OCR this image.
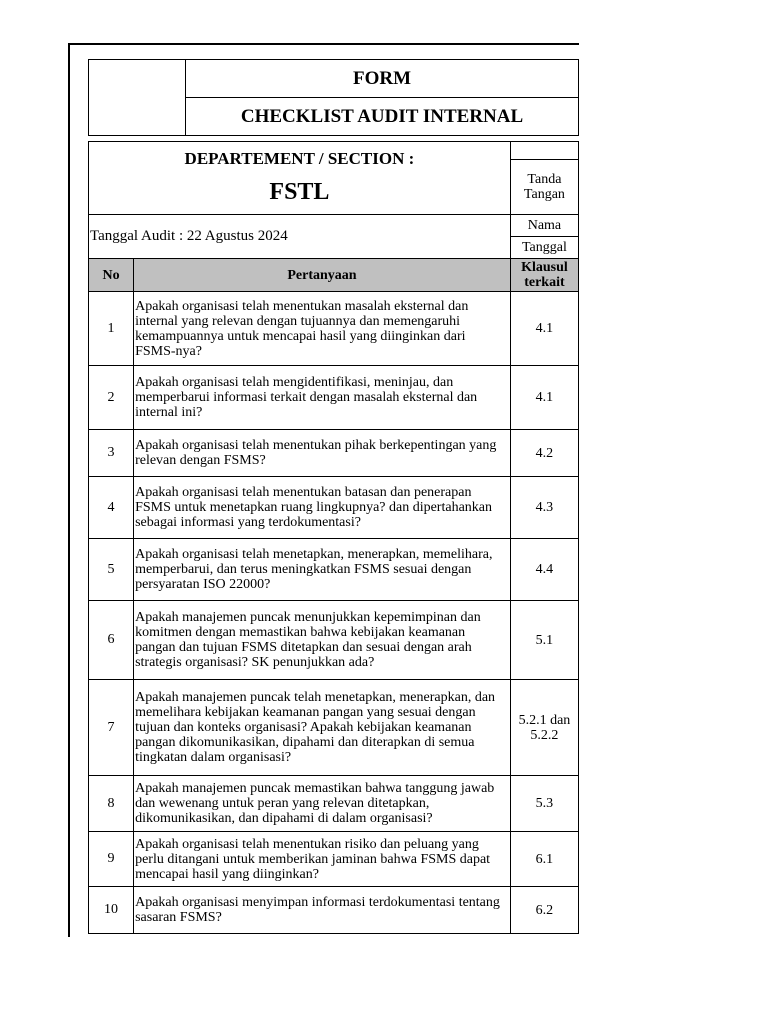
	FORM
CHECKLIST AUDIT INTERNAL
DEPARTEMENT / SECTION :
FSTL		

		Tanda Tangan

Tanggal Audit : 22 Agustus 2024		Nama
		Tanggal
No	Pertanyaan	Klausul terkait
1	Apakah organisasi telah menentukan masalah eksternal dan internal yang relevan dengan tujuannya dan memengaruhi kemampuannya untuk mencapai hasil yang diinginkan dari FSMS-nya?	4.1
2	Apakah organisasi telah mengidentifikasi, meninjau, dan memperbarui informasi terkait dengan masalah eksternal dan internal ini?	4.1
3	Apakah organisasi telah menentukan pihak berkepentingan yang relevan dengan FSMS?	4.2
4	Apakah organisasi telah menentukan batasan dan penerapan FSMS untuk menetapkan ruang lingkupnya? dan dipertahankan sebagai informasi yang terdokumentasi?	4.3
5	Apakah organisasi telah menetapkan, menerapkan, memelihara, memperbarui, dan terus meningkatkan FSMS sesuai dengan persyaratan ISO 22000?	4.4
6	Apakah manajemen puncak menunjukkan kepemimpinan dan komitmen dengan memastikan bahwa kebijakan keamanan pangan dan tujuan FSMS ditetapkan dan sesuai dengan arah strategis organisasi? SK penunjukkan ada?	5.1
7	Apakah manajemen puncak telah menetapkan, menerapkan, dan memelihara kebijakan keamanan pangan yang sesuai dengan tujuan dan konteks organisasi? Apakah kebijakan keamanan pangan dikomunikasikan, dipahami dan diterapkan di semua tingkatan dalam organisasi?	5.2.1 dan 5.2.2
8	Apakah manajemen puncak memastikan bahwa tanggung jawab dan wewenang untuk peran yang relevan ditetapkan, dikomunikasikan, dan dipahami di dalam organisasi?	5.3
9	Apakah organisasi telah menentukan risiko dan peluang yang perlu ditangani untuk memberikan jaminan bahwa FSMS dapat mencapai hasil yang diinginkan?	6.1
10	Apakah organisasi menyimpan informasi terdokumentasi tentang sasaran FSMS?	6.2
